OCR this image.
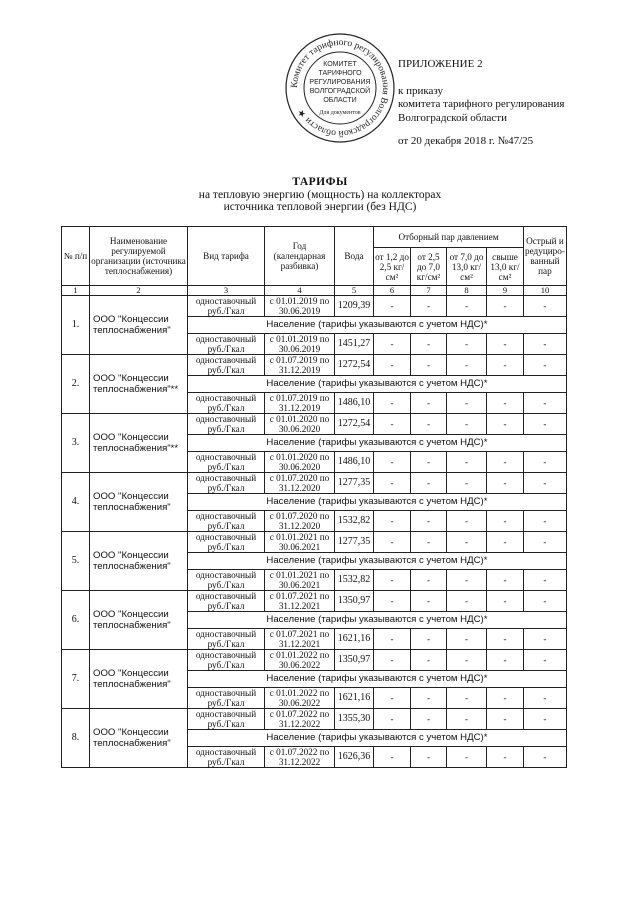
Комитет тарифного регулирования Волгоградской области ★
КОМИТЕТ
ТАРИФНОГО
РЕГУЛИРОВАНИЯ
ВОЛГОГРАДСКОЙ
ОБЛАСТИ
Для документов
ПРИЛОЖЕНИЕ 2
к приказу
комитета тарифного регулирования
Волгоградской области
от 20 декабря 2018 г. №47/25
ТАРИФЫ
на тепловую энергию (мощность) на коллекторах
источника тепловой энергии (без НДС)
№ п/п	Наименование регулируемой организации (источника теплоснабжения)	Вид тарифа	Год (календарная разбивка)	Вода	Отборный пар давлением				Острый и редуциро- ванный пар
					от 1,2 до 2,5 кг/см²	от 2,5 до 7,0 кг/см²	от 7,0 до 13,0 кг/см²	свыше 13,0 кг/см²	
1	2	3	4	5	6	7	8	9	10
1.	ООО "Концессии теплоснабжения"	одноставочный руб./Гкал	с 01.01.2019 по 30.06.2019	1209,39	-	-	-	-	-
		Население (тарифы указываются с учетом НДС)*							
		одноставочный руб./Гкал	с 01.01.2019 по 30.06.2019	1451,27	-	-	-	-	-
2.	ООО "Концессии теплоснабжения"**	одноставочный руб./Гкал	с 01.07.2019 по 31.12.2019	1272,54	-	-	-	-	-
		Население (тарифы указываются с учетом НДС)*							
		одноставочный руб./Гкал	с 01.07.2019 по 31.12.2019	1486,10	-	-	-	-	-
3.	ООО "Концессии теплоснабжения"**	одноставочный руб./Гкал	с 01.01.2020 по 30.06.2020	1272,54	-	-	-	-	-
		Население (тарифы указываются с учетом НДС)*							
		одноставочный руб./Гкал	с 01.01.2020 по 30.06.2020	1486,10	-	-	-	-	-
4.	ООО "Концессии теплоснабжения"	одноставочный руб./Гкал	с 01.07.2020 по 31.12.2020	1277,35	-	-	-	-	-
		Население (тарифы указываются с учетом НДС)*							
		одноставочный руб./Гкал	с 01.07.2020 по 31.12.2020	1532,82	-	-	-	-	-
5.	ООО "Концессии теплоснабжения"	одноставочный руб./Гкал	с 01.01.2021 по 30.06.2021	1277,35	-	-	-	-	-
		Население (тарифы указываются с учетом НДС)*							
		одноставочный руб./Гкал	с 01.01.2021 по 30.06.2021	1532,82	-	-	-	-	-
6.	ООО "Концессии теплоснабжения"	одноставочный руб./Гкал	с 01.07.2021 по 31.12.2021	1350,97	-	-	-	-	-
		Население (тарифы указываются с учетом НДС)*							
		одноставочный руб./Гкал	с 01.07.2021 по 31.12.2021	1621,16	-	-	-	-	-
7.	ООО "Концессии теплоснабжения"	одноставочный руб./Гкал	с 01.01.2022 по 30.06.2022	1350,97	-	-	-	-	-
		Население (тарифы указываются с учетом НДС)*							
		одноставочный руб./Гкал	с 01.01.2022 по 30.06.2022	1621,16	-	-	-	-	-
8.	ООО "Концессии теплоснабжения"	одноставочный руб./Гкал	с 01.07.2022 по 31.12.2022	1355,30	-	-	-	-	-
		Население (тарифы указываются с учетом НДС)*							
		одноставочный руб./Гкал	с 01.07.2022 по 31.12.2022	1626,36	-	-	-	-	-
